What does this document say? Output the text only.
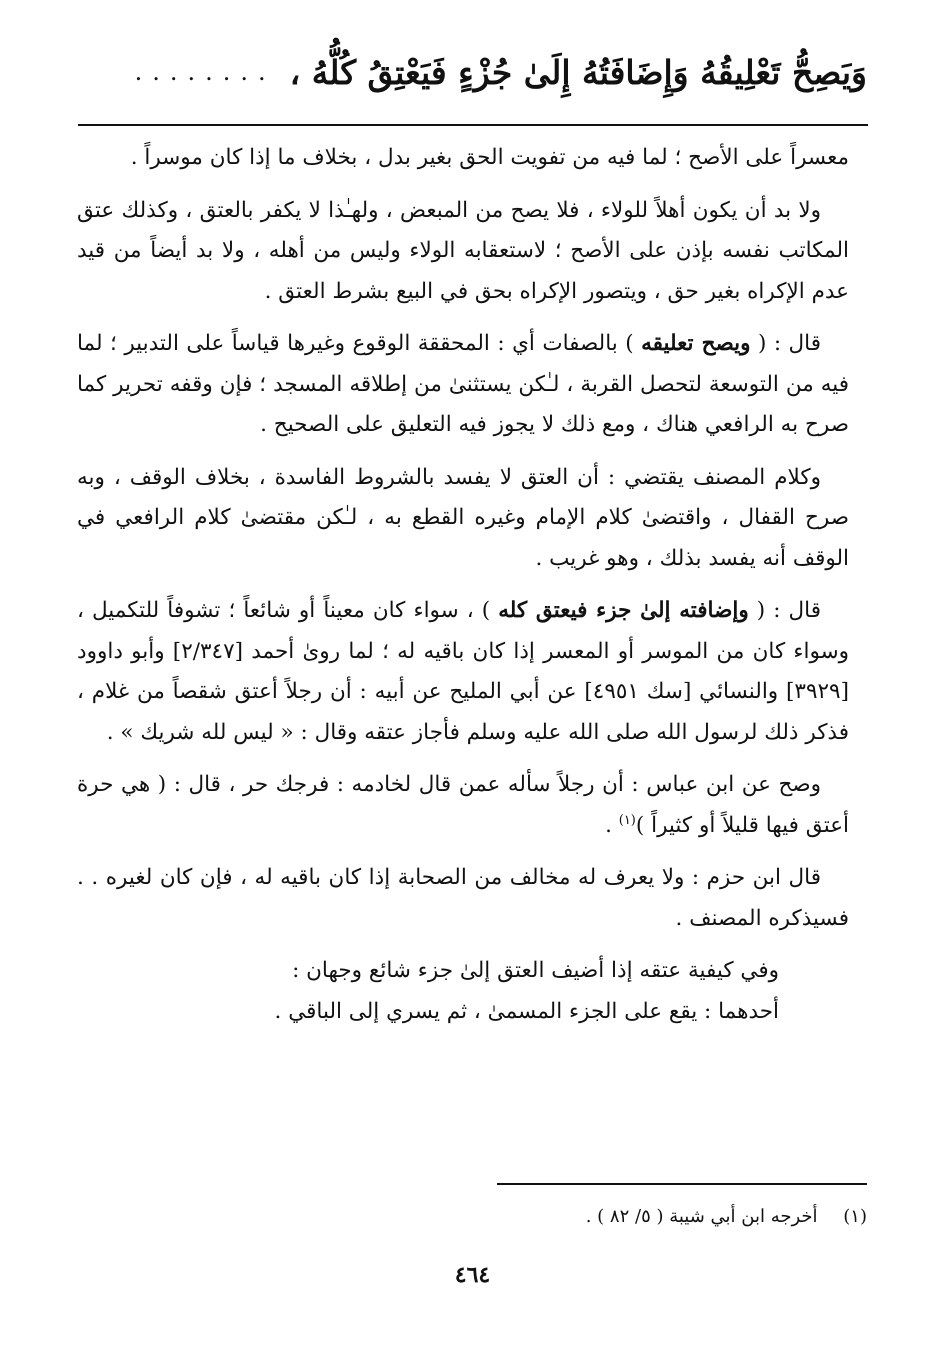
وَيَصِحُّ تَعْلِيقُهُ وَإِضَافَتُهُ إِلَىٰ جُزْءٍ فَيَعْتِقُ كُلُّهُ ،
........

معسراً على الأصح ؛ لما فيه من تفويت الحق بغير بدل ، بخلاف ما إذا كان موسراً .

ولا بد أن يكون أهلاً للولاء ، فلا يصح من المبعض ، ولهـٰذا لا يكفر بالعتق ، وكذلك عتق المكاتب نفسه بإذن على الأصح ؛ لاستعقابه الولاء وليس من أهله ، ولا بد أيضاً من قيد عدم الإكراه بغير حق ، ويتصور الإكراه بحق في البيع بشرط العتق .

قال : ( ويصح تعليقه ) بالصفات أي : المحققة الوقوع وغيرها قياساً على التدبير ؛ لما فيه من التوسعة لتحصل القربة ، لـٰكن يستثنىٰ من إطلاقه المسجد ؛ فإن وقفه تحرير كما صرح به الرافعي هناك ، ومع ذلك لا يجوز فيه التعليق على الصحيح .

وكلام المصنف يقتضي : أن العتق لا يفسد بالشروط الفاسدة ، بخلاف الوقف ، وبه صرح القفال ، واقتضىٰ كلام الإمام وغيره القطع به ، لـٰكن مقتضىٰ كلام الرافعي في الوقف أنه يفسد بذلك ، وهو غريب .

قال : ( وإضافته إلىٰ جزء فيعتق كله ) ، سواء كان معيناً أو شائعاً ؛ تشوفاً للتكميل ، وسواء كان من الموسر أو المعسر إذا كان باقيه له ؛ لما روىٰ أحمد [٢/٣٤٧] وأبو داوود [٣٩٢٩] والنسائي [سك ٤٩٥١] عن أبي المليح عن أبيه : أن رجلاً أعتق شقصاً من غلام ، فذكر ذلك لرسول الله صلى الله عليه وسلم فأجاز عتقه وقال : « ليس لله شريك » .

وصح عن ابن عباس : أن رجلاً سأله عمن قال لخادمه : فرجك حر ، قال : ( هي حرة أعتق فيها قليلاً أو كثيراً )$^{(١)}$ .

قال ابن حزم : ولا يعرف له مخالف من الصحابة إذا كان باقيه له ، فإن كان لغيره . . فسيذكره المصنف .

وفي كيفية عتقه إذا أضيف العتق إلىٰ جزء شائع وجهان :

أحدهما : يقع على الجزء المسمىٰ ، ثم يسري إلى الباقي .

(١) أخرجه ابن أبي شيبة ( ٥/ ٨٢ ) .
٤٦٤
